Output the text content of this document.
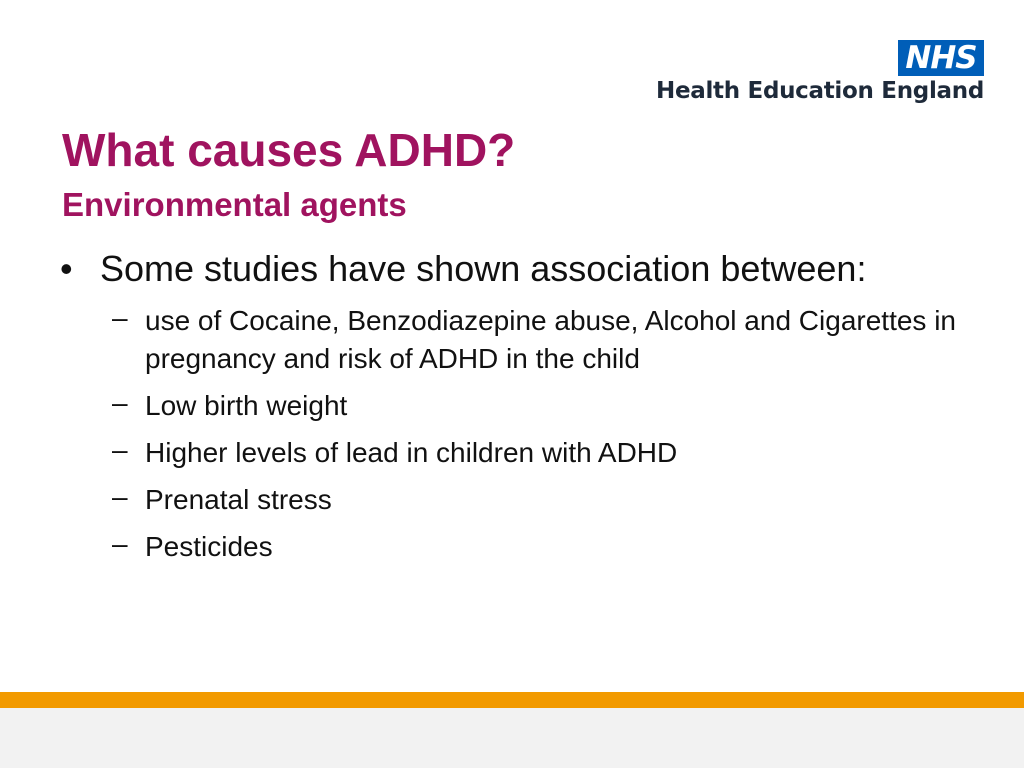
NHS
Health Education England
What causes ADHD?
Environmental agents
• Some studies have shown association between:
– use of Cocaine, Benzodiazepine abuse, Alcohol and Cigarettes in pregnancy and risk of ADHD in the child
– Low birth weight
– Higher levels of lead in children with ADHD
– Prenatal stress
– Pesticides
